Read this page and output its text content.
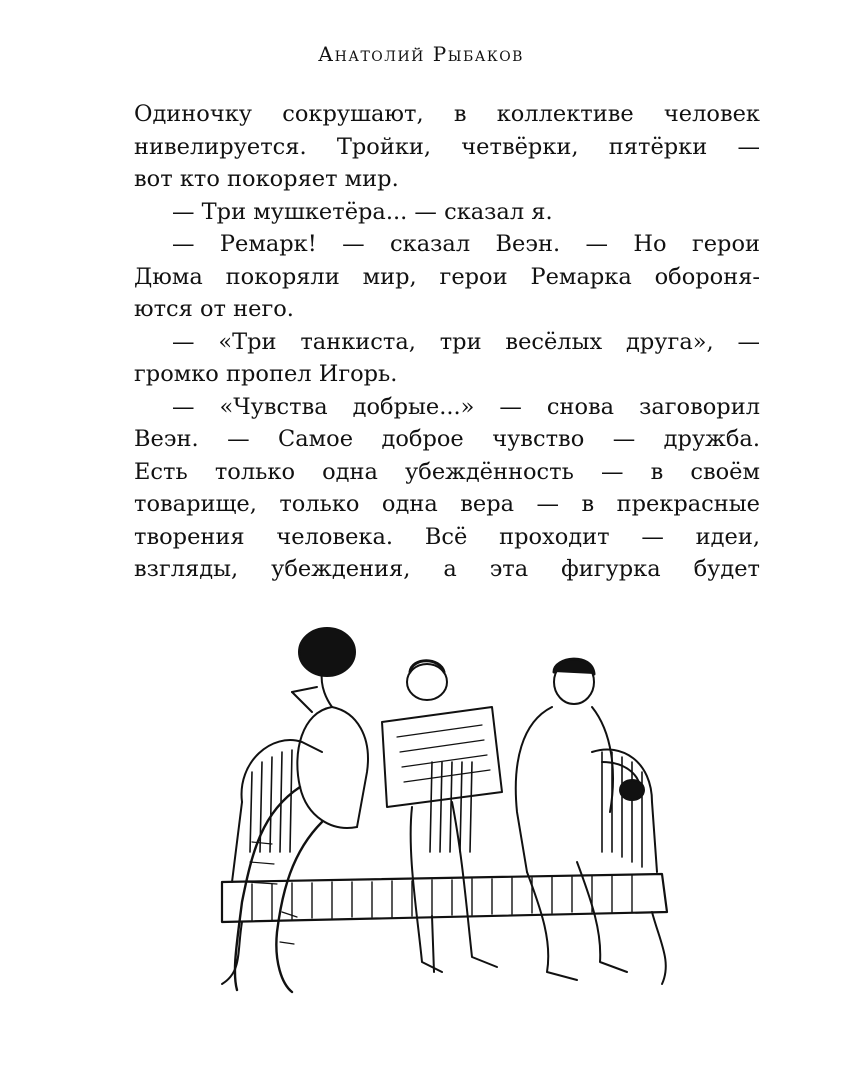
Анатолий Рыбаков
Одиночку сокрушают, в коллективе человек
нивелируется. Тройки, четвёрки, пятёрки —
вот кто покоряет мир.
— Три мушкетёра... — сказал я.
— Ремарк! — сказал Веэн. — Но герои
Дюма покоряли мир, герои Ремарка обороня-
ются от него.
— «Три танкиста, три весёлых друга», —
громко пропел Игорь.
— «Чувства добрые...» — снова заговорил
Веэн. — Самое доброе чувство — дружба.
Есть только одна убеждённость — в своём
товарище, только одна вера — в прекрасные
творения человека. Всё проходит — идеи,
взгляды, убеждения, а эта фигурка будет
